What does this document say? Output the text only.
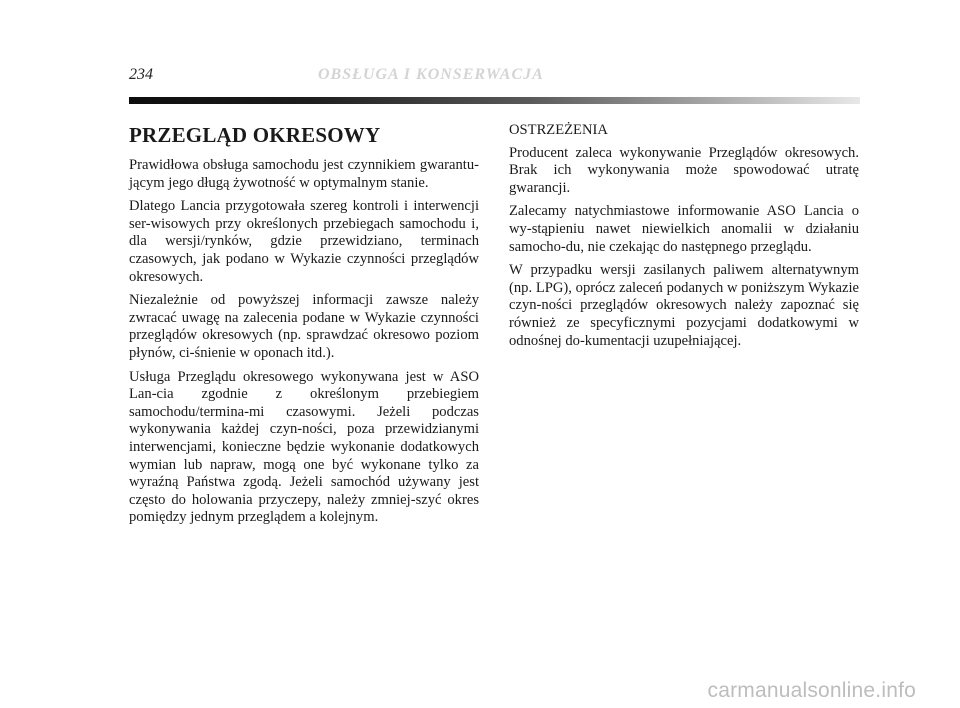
234	OBSŁUGA I KONSERWACJA
PRZEGLĄD OKRESOWY

Prawidłowa obsługa samochodu jest czynnikiem gwarantu-jącym jego długą żywotność w optymalnym stanie.

Dlatego Lancia przygotowała szereg kontroli i interwencji ser-wisowych przy określonych przebiegach samochodu i, dla wersji/rynków, gdzie przewidziano, terminach czasowych, jak podano w Wykazie czynności przeglądów okresowych.

Niezależnie od powyższej informacji zawsze należy zwracać uwagę na zalecenia podane w Wykazie czynności przeglądów okresowych (np. sprawdzać okresowo poziom płynów, ci-śnienie w oponach itd.).

Usługa Przeglądu okresowego wykonywana jest w ASO Lan-cia zgodnie z określonym przebiegiem samochodu/termina-mi czasowymi. Jeżeli podczas wykonywania każdej czyn-ności, poza przewidzianymi interwencjami, konieczne będzie wykonanie dodatkowych wymian lub napraw, mogą one być wykonane tylko za wyraźną Państwa zgodą. Jeżeli samochód używany jest często do holowania przyczepy, należy zmniej-szyć okres pomiędzy jednym przeglądem a kolejnym.

OSTRZEŻENIA

Producent zaleca wykonywanie Przeglądów okresowych. Brak ich wykonywania może spowodować utratę gwarancji.

Zalecamy natychmiastowe informowanie ASO Lancia o wy-stąpieniu nawet niewielkich anomalii w działaniu samocho-du, nie czekając do następnego przeglądu.

W przypadku wersji zasilanych paliwem alternatywnym (np. LPG), oprócz zaleceń podanych w poniższym Wykazie czyn-ności przeglądów okresowych należy zapoznać się również ze specyficznymi pozycjami dodatkowymi w odnośnej do-kumentacji uzupełniającej.

carmanualsonline.info
